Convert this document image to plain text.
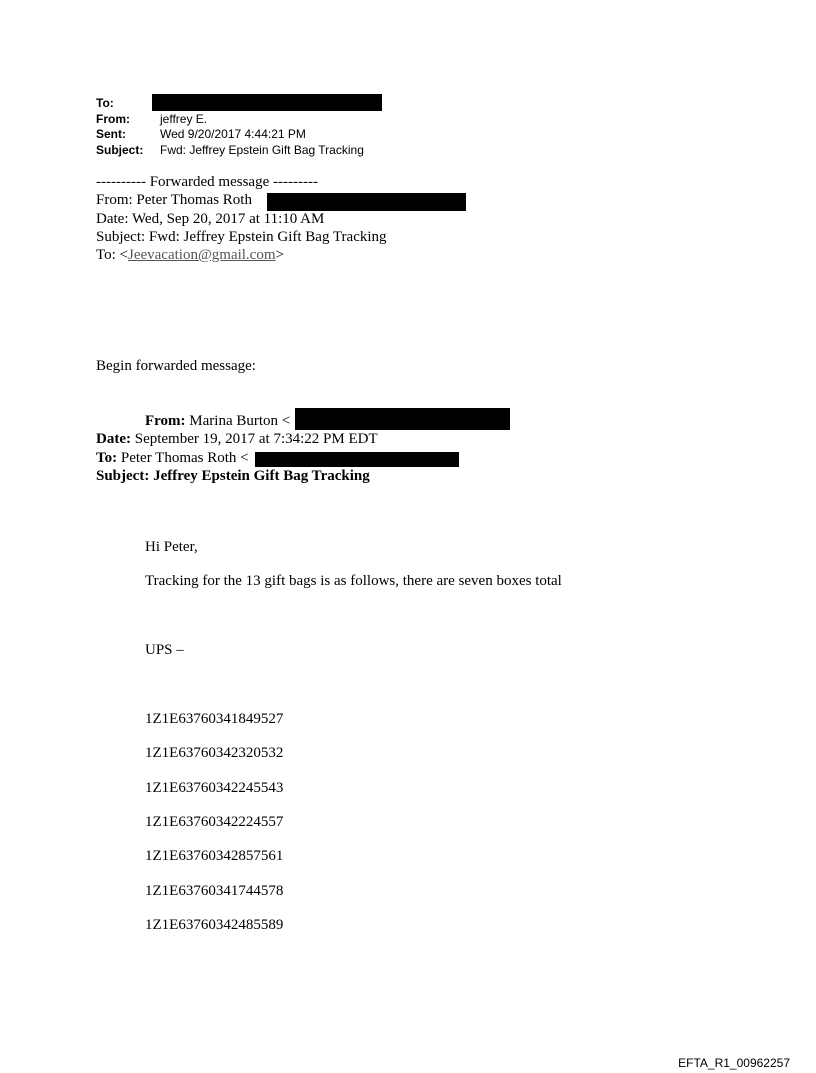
To:
From:	jeffrey E.
Sent:	Wed 9/20/2017 4:44:21 PM
Subject: Fwd: Jeffrey Epstein Gift Bag Tracking
---------- Forwarded message ---------
From: Peter Thomas Roth
Date: Wed, Sep 20, 2017 at 11:10 AM
Subject: Fwd: Jeffrey Epstein Gift Bag Tracking
To: <Jeevacation@gmail.com>
Begin forwarded message:
From: Marina Burton <
Date: September 19, 2017 at 7:34:22 PM EDT
To: Peter Thomas Roth <
Subject: Jeffrey Epstein Gift Bag Tracking
Hi Peter,
Tracking for the 13 gift bags is as follows, there are seven boxes total
UPS –
1Z1E63760341849527
1Z1E63760342320532
1Z1E63760342245543
1Z1E63760342224557
1Z1E63760342857561
1Z1E63760341744578
1Z1E63760342485589
EFTA_R1_00962257
